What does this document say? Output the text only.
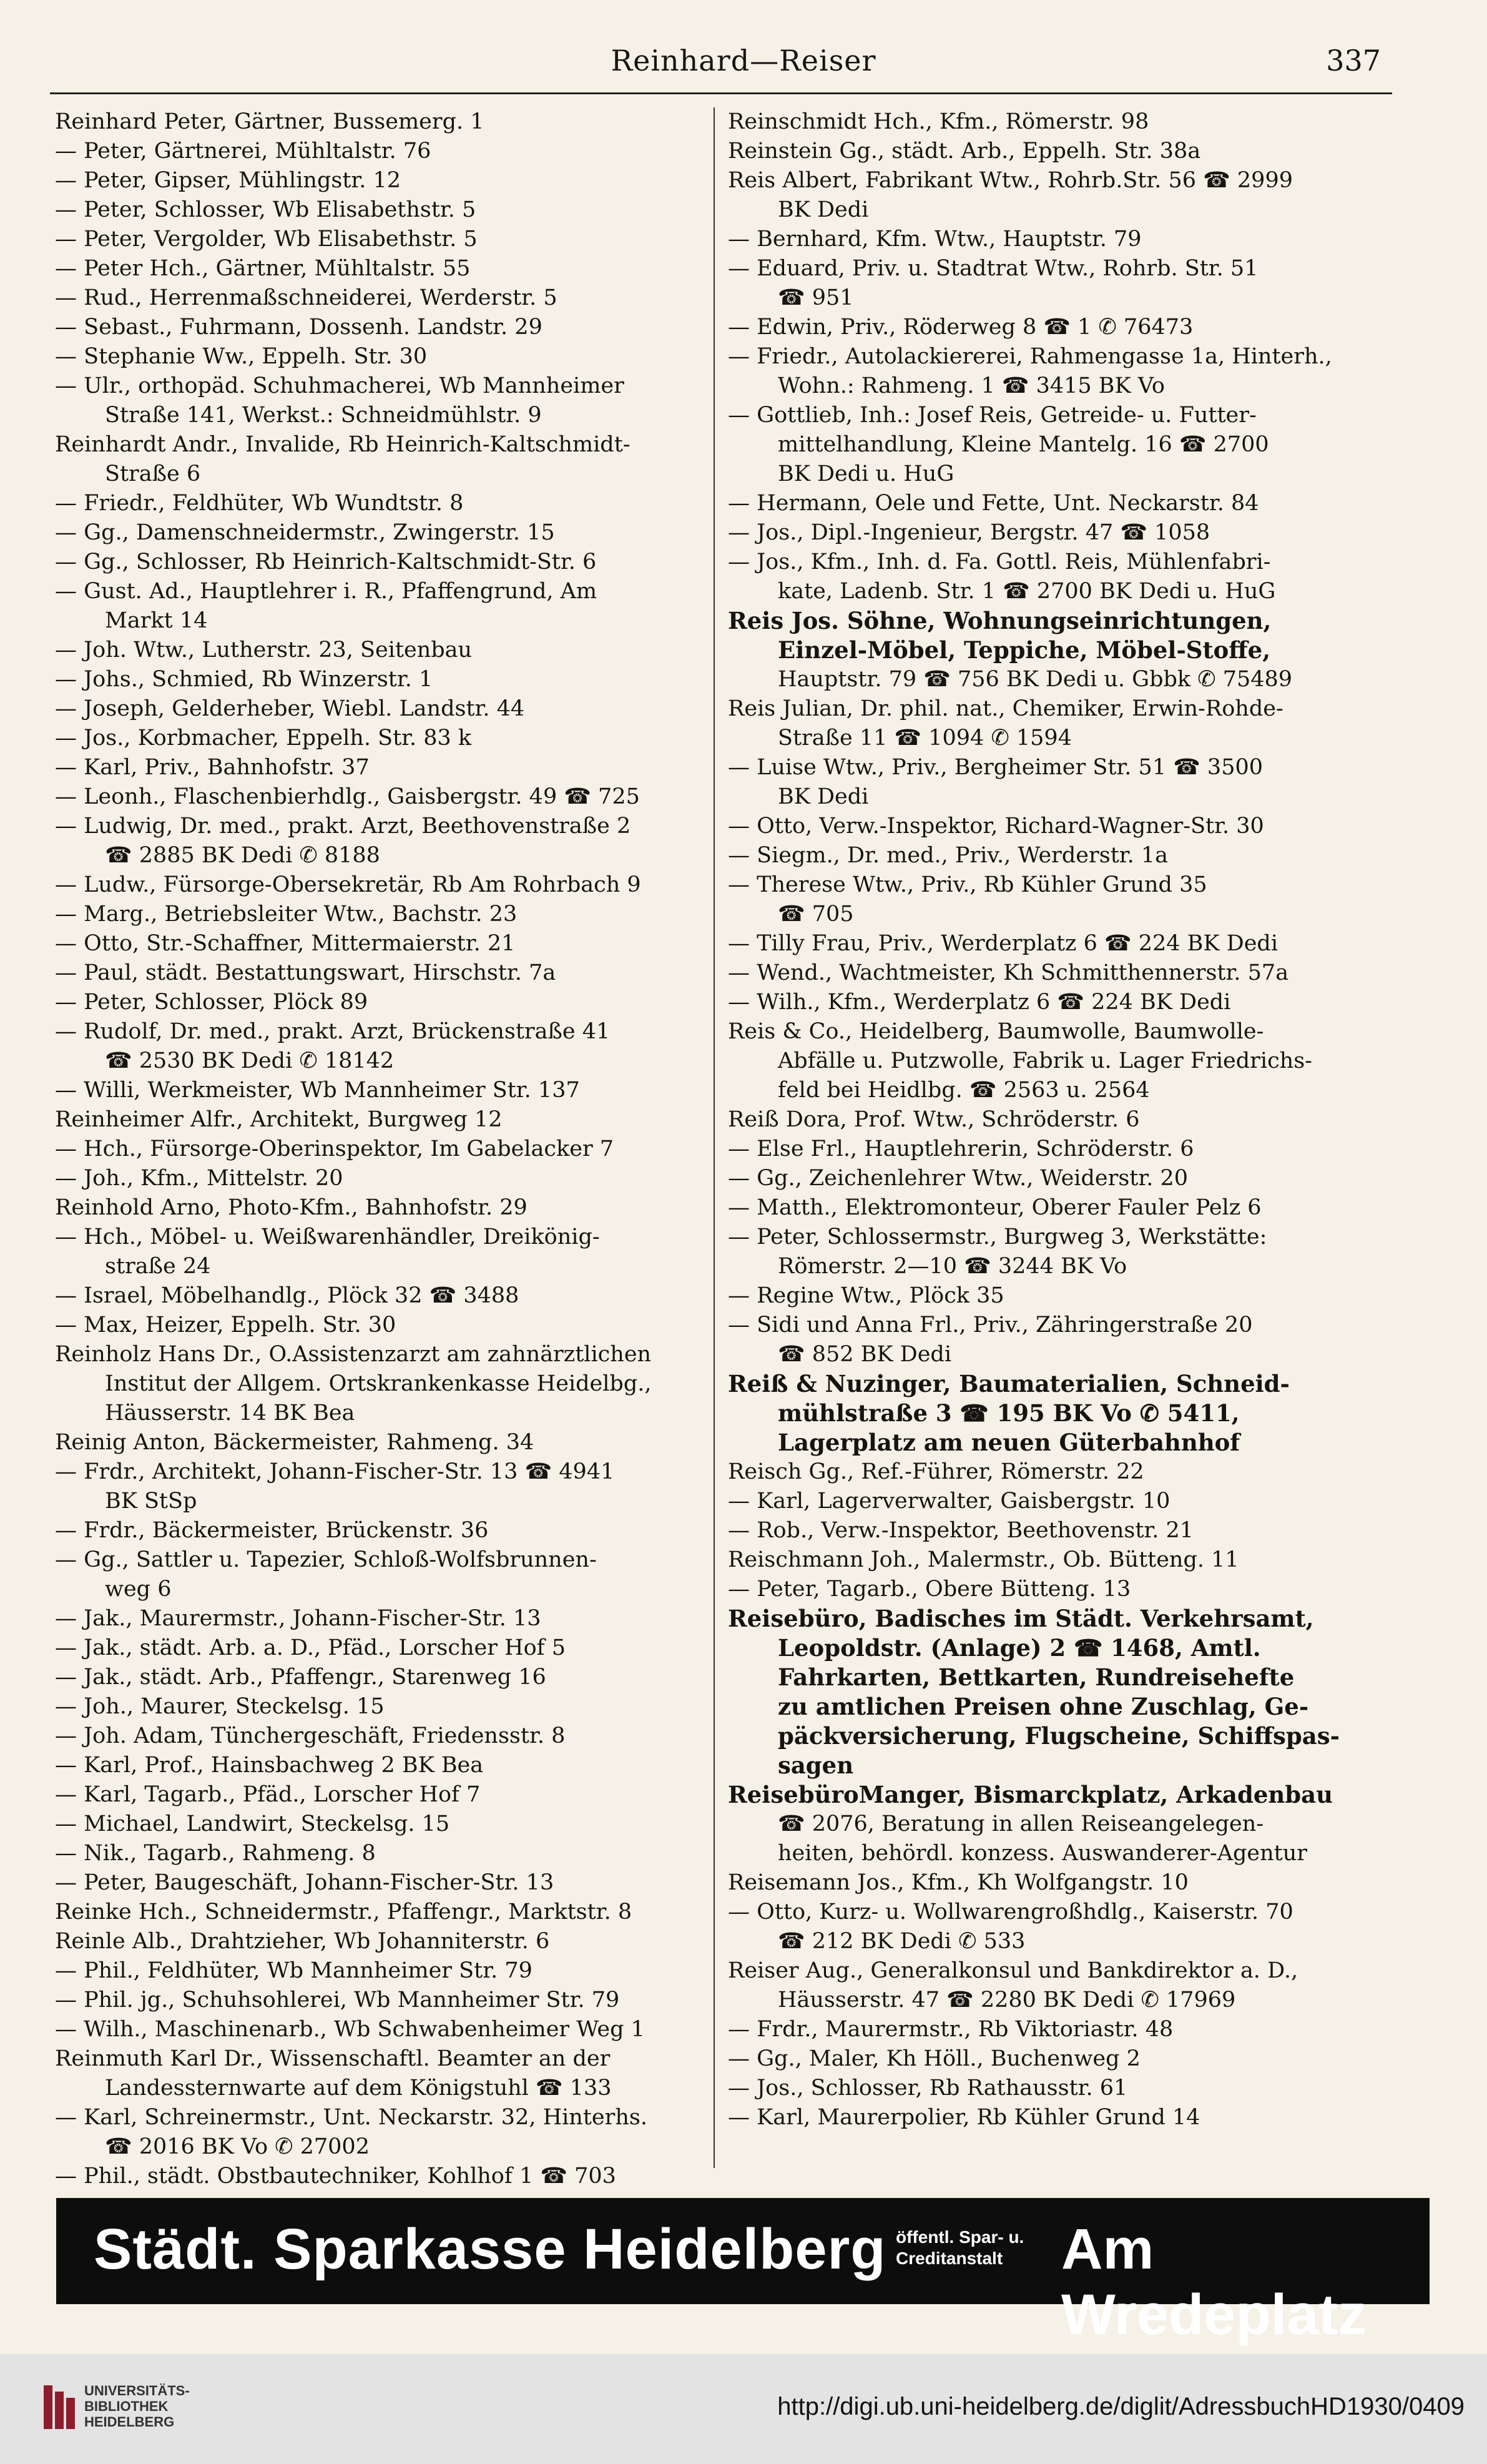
Reinhard—Reiser	337
Reinhard Peter, Gärtner, Bussemerg. 1
— Peter, Gärtnerei, Mühltalstr. 76
— Peter, Gipser, Mühlingstr. 12
— Peter, Schlosser, Wb Elisabethstr. 5
— Peter, Vergolder, Wb Elisabethstr. 5
— Peter Hch., Gärtner, Mühltalstr. 55
— Rud., Herrenmaßschneiderei, Werderstr. 5
— Sebast., Fuhrmann, Dossenh. Landstr. 29
— Stephanie Ww., Eppelh. Str. 30
— Ulr., orthopäd. Schuhmacherei, Wb Mannheimer
Straße 141, Werkst.: Schneidmühlstr. 9
Reinhardt Andr., Invalide, Rb Heinrich-Kaltschmidt-
Straße 6
— Friedr., Feldhüter, Wb Wundtstr. 8
— Gg., Damenschneidermstr., Zwingerstr. 15
— Gg., Schlosser, Rb Heinrich-Kaltschmidt-Str. 6
— Gust. Ad., Hauptlehrer i. R., Pfaffengrund, Am
Markt 14
— Joh. Wtw., Lutherstr. 23, Seitenbau
— Johs., Schmied, Rb Winzerstr. 1
— Joseph, Gelderheber, Wiebl. Landstr. 44
— Jos., Korbmacher, Eppelh. Str. 83 k
— Karl, Priv., Bahnhofstr. 37
— Leonh., Flaschenbierhdlg., Gaisbergstr. 49 ☎ 725
— Ludwig, Dr. med., prakt. Arzt, Beethovenstraße 2
☎ 2885 BK Dedi ✆ 8188
— Ludw., Fürsorge-Obersekretär, Rb Am Rohrbach 9
— Marg., Betriebsleiter Wtw., Bachstr. 23
— Otto, Str.-Schaffner, Mittermaierstr. 21
— Paul, städt. Bestattungswart, Hirschstr. 7a
— Peter, Schlosser, Plöck 89
— Rudolf, Dr. med., prakt. Arzt, Brückenstraße 41
☎ 2530 BK Dedi ✆ 18142
— Willi, Werkmeister, Wb Mannheimer Str. 137
Reinheimer Alfr., Architekt, Burgweg 12
— Hch., Fürsorge-Oberinspektor, Im Gabelacker 7
— Joh., Kfm., Mittelstr. 20
Reinhold Arno, Photo-Kfm., Bahnhofstr. 29
— Hch., Möbel- u. Weißwarenhändler, Dreikönig-
straße 24
— Israel, Möbelhandlg., Plöck 32 ☎ 3488
— Max, Heizer, Eppelh. Str. 30
Reinholz Hans Dr., O.Assistenzarzt am zahnärztlichen
Institut der Allgem. Ortskrankenkasse Heidelbg.,
Häusserstr. 14 BK Bea
Reinig Anton, Bäckermeister, Rahmeng. 34
— Frdr., Architekt, Johann-Fischer-Str. 13 ☎ 4941
BK StSp
— Frdr., Bäckermeister, Brückenstr. 36
— Gg., Sattler u. Tapezier, Schloß-Wolfsbrunnen-
weg 6
— Jak., Maurermstr., Johann-Fischer-Str. 13
— Jak., städt. Arb. a. D., Pfäd., Lorscher Hof 5
— Jak., städt. Arb., Pfaffengr., Starenweg 16
— Joh., Maurer, Steckelsg. 15
— Joh. Adam, Tünchergeschäft, Friedensstr. 8
— Karl, Prof., Hainsbachweg 2 BK Bea
— Karl, Tagarb., Pfäd., Lorscher Hof 7
— Michael, Landwirt, Steckelsg. 15
— Nik., Tagarb., Rahmeng. 8
— Peter, Baugeschäft, Johann-Fischer-Str. 13
Reinke Hch., Schneidermstr., Pfaffengr., Marktstr. 8
Reinle Alb., Drahtzieher, Wb Johanniterstr. 6
— Phil., Feldhüter, Wb Mannheimer Str. 79
— Phil. jg., Schuhsohlerei, Wb Mannheimer Str. 79
— Wilh., Maschinenarb., Wb Schwabenheimer Weg 1
Reinmuth Karl Dr., Wissenschaftl. Beamter an der
Landessternwarte auf dem Königstuhl ☎ 133
— Karl, Schreinermstr., Unt. Neckarstr. 32, Hinterhs.
☎ 2016 BK Vo ✆ 27002
— Phil., städt. Obstbautechniker, Kohlhof 1 ☎ 703
Reinschmidt Hch., Kfm., Römerstr. 98
Reinstein Gg., städt. Arb., Eppelh. Str. 38a
Reis Albert, Fabrikant Wtw., Rohrb.Str. 56 ☎ 2999
BK Dedi
— Bernhard, Kfm. Wtw., Hauptstr. 79
— Eduard, Priv. u. Stadtrat Wtw., Rohrb. Str. 51
☎ 951
— Edwin, Priv., Röderweg 8 ☎ 1 ✆ 76473
— Friedr., Autolackiererei, Rahmengasse 1a, Hinterh.,
Wohn.: Rahmeng. 1 ☎ 3415 BK Vo
— Gottlieb, Inh.: Josef Reis, Getreide- u. Futter-
mittelhandlung, Kleine Mantelg. 16 ☎ 2700
BK Dedi u. HuG
— Hermann, Oele und Fette, Unt. Neckarstr. 84
— Jos., Dipl.-Ingenieur, Bergstr. 47 ☎ 1058
— Jos., Kfm., Inh. d. Fa. Gottl. Reis, Mühlenfabri-
kate, Ladenb. Str. 1 ☎ 2700 BK Dedi u. HuG
Reis Jos. Söhne, Wohnungseinrichtungen,
Einzel-Möbel, Teppiche, Möbel-Stoffe,
Hauptstr. 79 ☎ 756 BK Dedi u. Gbbk ✆ 75489
Reis Julian, Dr. phil. nat., Chemiker, Erwin-Rohde-
Straße 11 ☎ 1094 ✆ 1594
— Luise Wtw., Priv., Bergheimer Str. 51 ☎ 3500
BK Dedi
— Otto, Verw.-Inspektor, Richard-Wagner-Str. 30
— Siegm., Dr. med., Priv., Werderstr. 1a
— Therese Wtw., Priv., Rb Kühler Grund 35
☎ 705
— Tilly Frau, Priv., Werderplatz 6 ☎ 224 BK Dedi
— Wend., Wachtmeister, Kh Schmitthennerstr. 57a
— Wilh., Kfm., Werderplatz 6 ☎ 224 BK Dedi
Reis & Co., Heidelberg, Baumwolle, Baumwolle-
Abfälle u. Putzwolle, Fabrik u. Lager Friedrichs-
feld bei Heidlbg. ☎ 2563 u. 2564
Reiß Dora, Prof. Wtw., Schröderstr. 6
— Else Frl., Hauptlehrerin, Schröderstr. 6
— Gg., Zeichenlehrer Wtw., Weiderstr. 20
— Matth., Elektromonteur, Oberer Fauler Pelz 6
— Peter, Schlossermstr., Burgweg 3, Werkstätte:
Römerstr. 2—10 ☎ 3244 BK Vo
— Regine Wtw., Plöck 35
— Sidi und Anna Frl., Priv., Zähringerstraße 20
☎ 852 BK Dedi
Reiß & Nuzinger, Baumaterialien, Schneid-
mühlstraße 3 ☎ 195 BK Vo ✆ 5411,
Lagerplatz am neuen Güterbahnhof
Reisch Gg., Ref.-Führer, Römerstr. 22
— Karl, Lagerverwalter, Gaisbergstr. 10
— Rob., Verw.-Inspektor, Beethovenstr. 21
Reischmann Joh., Malermstr., Ob. Bütteng. 11
— Peter, Tagarb., Obere Bütteng. 13
Reisebüro, Badisches im Städt. Verkehrsamt,
Leopoldstr. (Anlage) 2 ☎ 1468, Amtl.
Fahrkarten, Bettkarten, Rundreisehefte
zu amtlichen Preisen ohne Zuschlag, Ge-
päckversicherung, Flugscheine, Schiffspas-
sagen
ReisebüroManger, Bismarckplatz, Arkadenbau
☎ 2076, Beratung in allen Reiseangelegen-
heiten, behördl. konzess. Auswanderer-Agentur
Reisemann Jos., Kfm., Kh Wolfgangstr. 10
— Otto, Kurz- u. Wollwarengroßhdlg., Kaiserstr. 70
☎ 212 BK Dedi ✆ 533
Reiser Aug., Generalkonsul und Bankdirektor a. D.,
Häusserstr. 47 ☎ 2280 BK Dedi ✆ 17969
— Frdr., Maurermstr., Rb Viktoriastr. 48
— Gg., Maler, Kh Höll., Buchenweg 2
— Jos., Schlosser, Rb Rathausstr. 61
— Karl, Maurerpolier, Rb Kühler Grund 14
Städt. Sparkasse Heidelberg öffentl. Spar- u.
Creditanstalt	Am Wredeplatz
UNIVERSITÄTS-
BIBLIOTHEK
HEIDELBERG
http://digi.ub.uni-heidelberg.de/diglit/AdressbuchHD1930/0409
